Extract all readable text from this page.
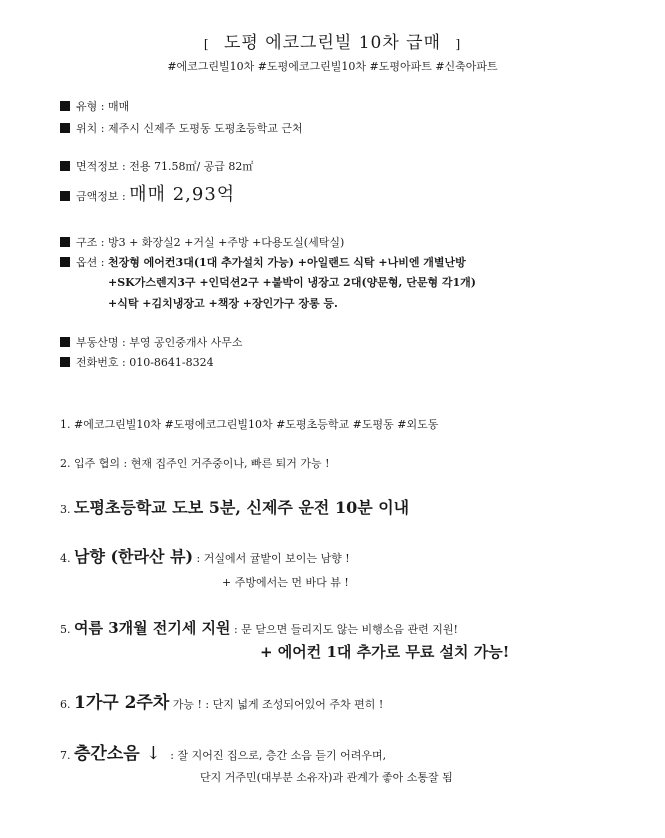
[ 도평 에코그린빌 10차 급매 ]
#에코그린빌10차 #도평에코그린빌10차 #도평아파트 #신축아파트
유형 : 매매
위치 : 제주시 신제주 도평동 도평초등학교 근처
면적정보 : 전용 71.58㎡/ 공급 82㎡
금액정보 : 매매 2,93억
구조 : 방3 + 화장실2 +거실 +주방 +다용도실(세탁실)
옵션 : 천장형 에어컨3대(1대 추가설치 가능) +아일랜드 식탁 +나비엔 개별난방
+SK가스렌지3구 +인덕션2구 +붙박이 냉장고 2대(양문형, 단문형 각1개)
+식탁 +김치냉장고 +책장 +장인가구 장롱 등.
부동산명 : 부영 공인중개사 사무소
전화번호 : 010-8641-8324
1. #에코그린빌10차 #도평에코그린빌10차 #도평초등학교 #도평동 #외도동
2. 입주 협의 : 현재 집주인 거주중이나, 빠른 퇴거 가능 !
3. 도평초등학교 도보 5분, 신제주 운전 10분 이내
4. 남향 (한라산 뷰) : 거실에서 귤밭이 보이는 남향 !
+ 주방에서는 먼 바다 뷰 !
5. 여름 3개월 전기세 지원 : 문 닫으면 들리지도 않는 비행소음 관련 지원!
+ 에어컨 1대 추가로 무료 설치 가능!
6. 1가구 2주차 가능 ! : 단지 넓게 조성되어있어 주차 편히 !
7. 층간소음 ↓ : 잘 지어진 집으로, 층간 소음 듣기 어려우며,
단지 거주민(대부분 소유자)과 관계가 좋아 소통잘 됨
